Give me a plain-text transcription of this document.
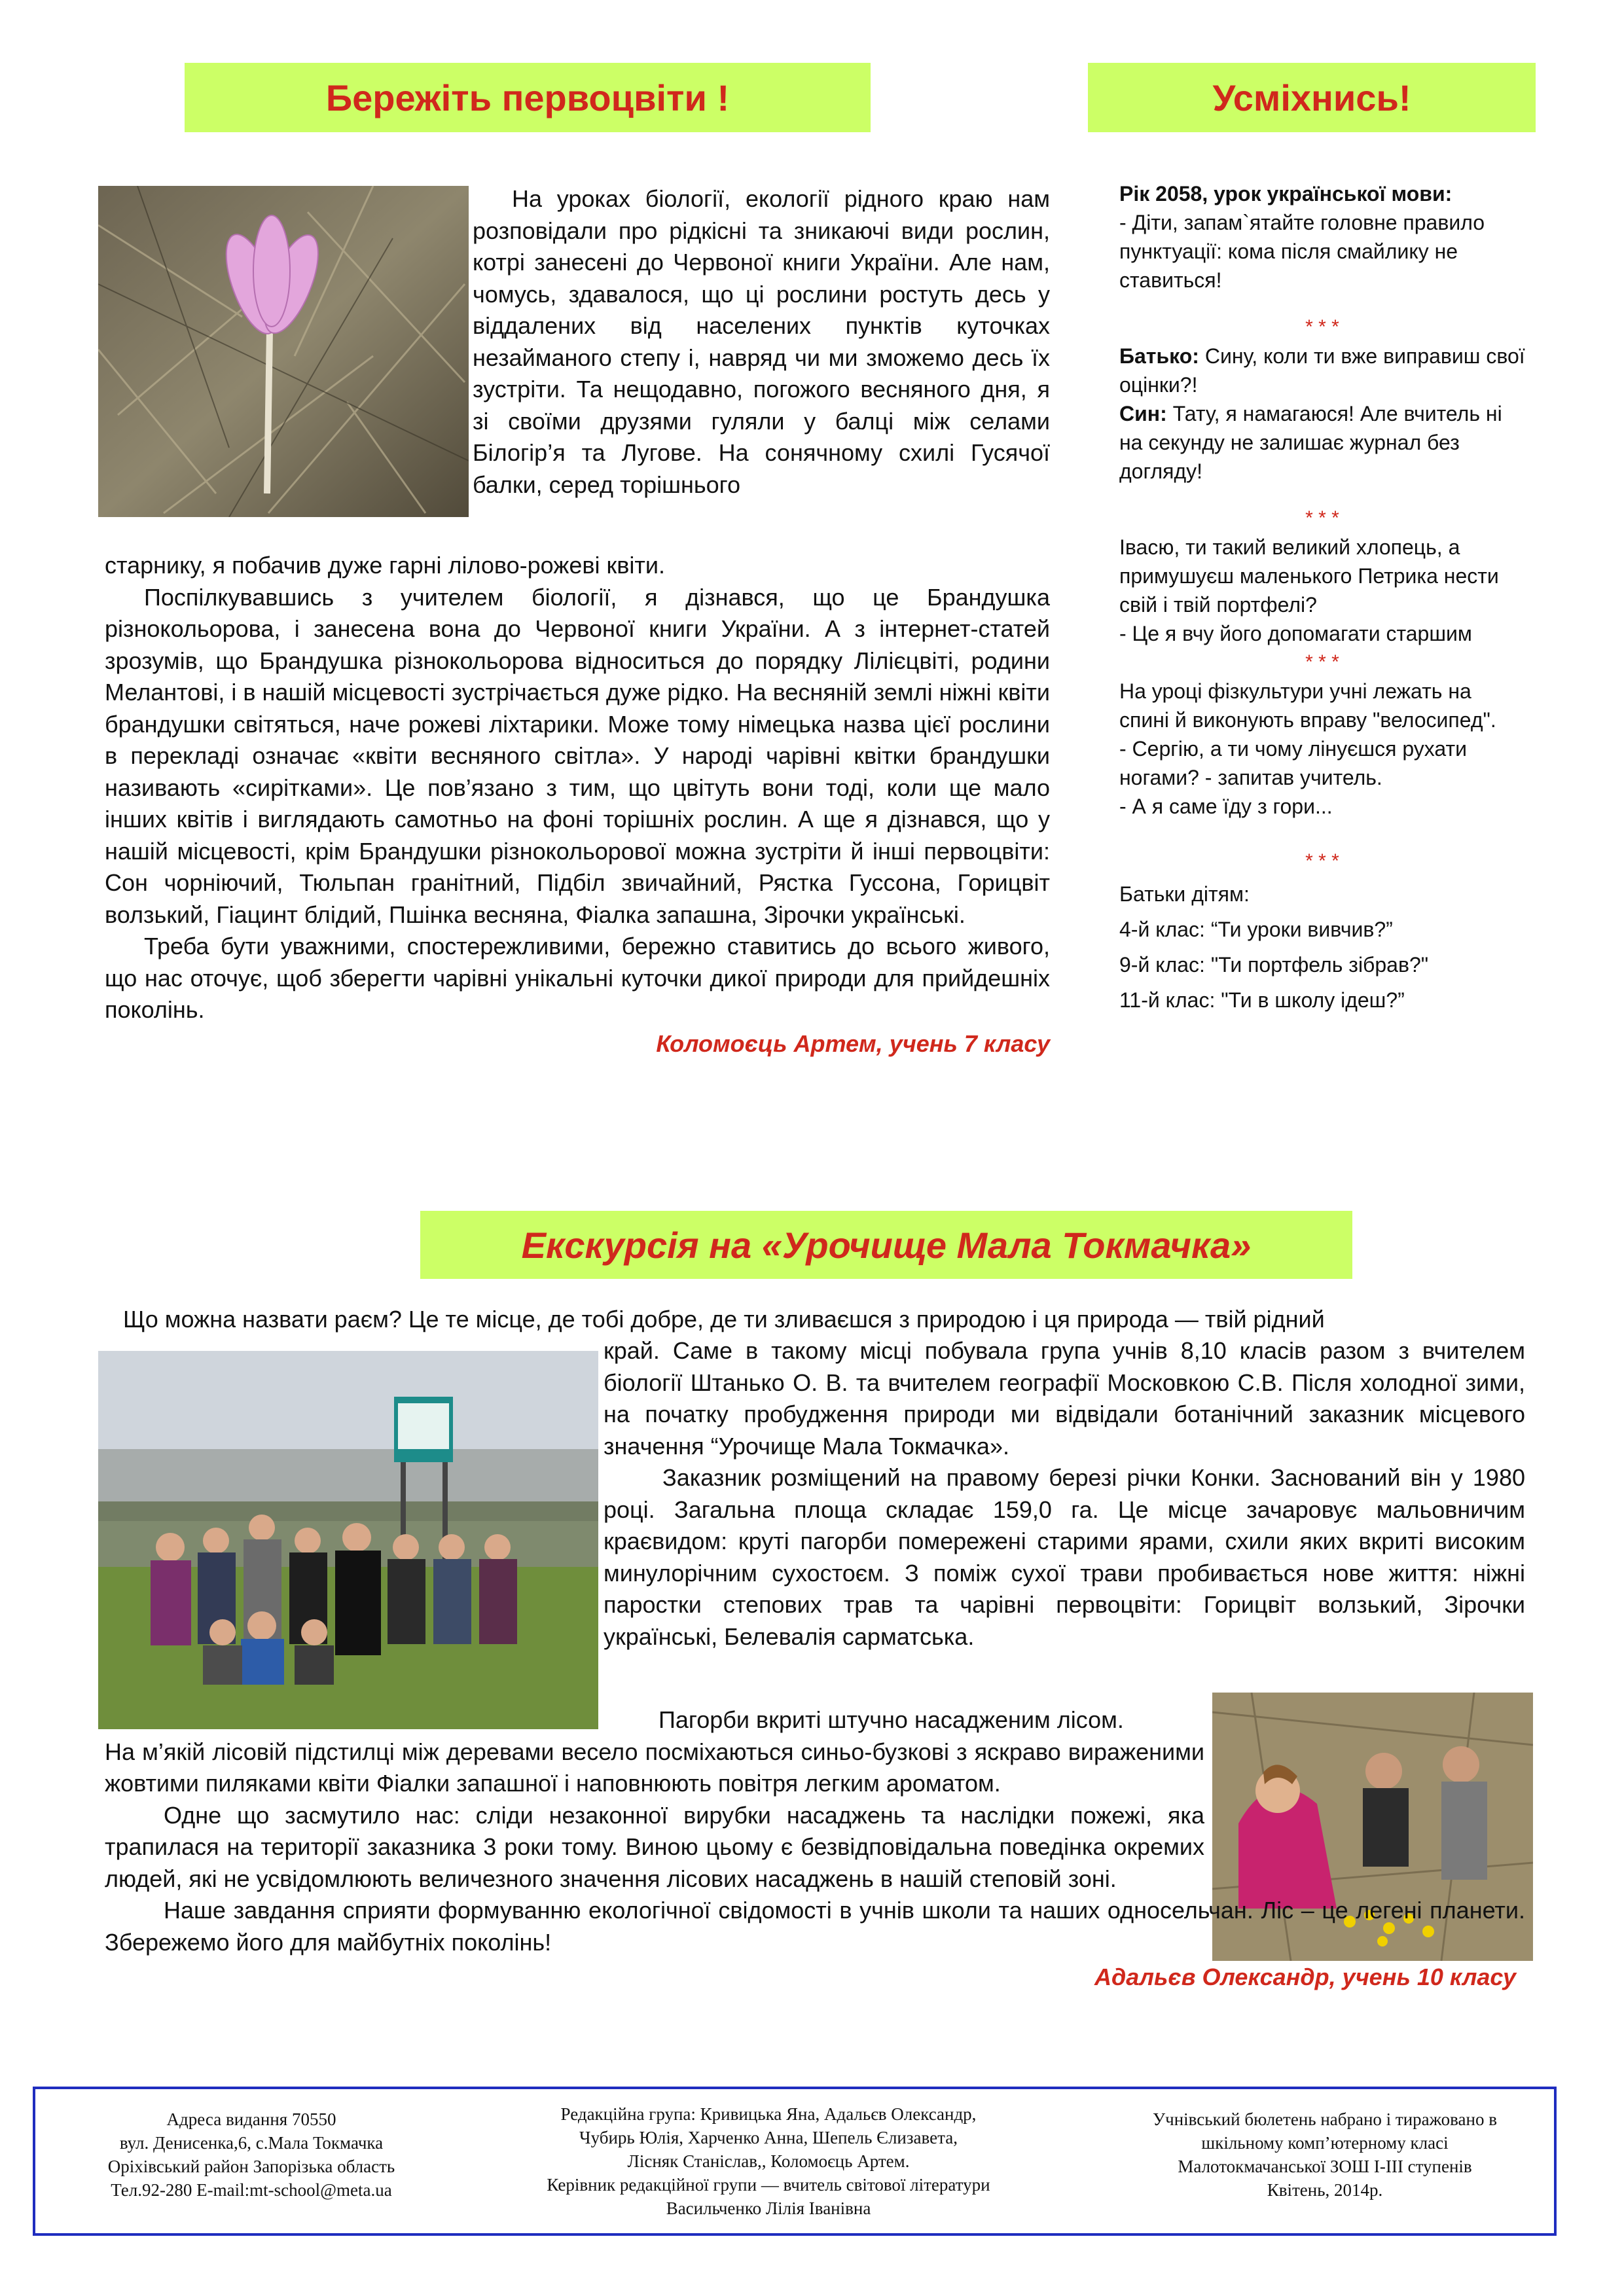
Бережіть первоцвіти !

На уроках біології, екології рідного краю нам розповідали про рідкісні та зникаючі види рослин, котрі занесені до Червоної книги України. Але нам, чомусь, здавалося, що ці рослини ростуть десь у віддалених від населених пунктів куточках незайманого степу і, навряд чи ми зможемо десь їх зустріти. Та нещодавно, погожого весняного дня, я зі своїми друзями гуляли у балці між селами Білогір’я та Лугове. На сонячному схилі Гусячої балки, серед торішнього

старнику, я побачив дуже гарні лілово-рожеві квіти.

Поспілкувавшись з учителем біології, я дізнався, що це Брандушка різнокольорова, і занесена вона до Червоної книги України. А з інтернет-статей зрозумів, що Брандушка різнокольорова відноситься до порядку Лілієцвіті, родини Мелантові, і в нашій місцевості зустрічається дуже рідко. На весняній землі ніжні квіти брандушки світяться, наче рожеві ліхтарики. Може тому німецька назва цієї рослини в перекладі означає «квіти весняного світла». У народі чарівні квітки брандушки називають «сирітками». Це пов’язано з тим, що цвітуть вони тоді, коли ще мало інших квітів і виглядають самотньо на фоні торішніх рослин. А ще я дізнався, що у нашій місцевості, крім Брандушки різнокольорової можна зустріти й інші первоцвіти: Сон чорніючий, Тюльпан гранітний, Підбіл звичайний, Рястка Гуссона, Горицвіт волзький, Гіацинт блідий, Пшінка весняна, Фіалка запашна, Зірочки українські.

Треба бути уважними, спостережливими, бережно ставитись до всього живого, що нас оточує, щоб зберегти чарівні унікальні куточки дикої природи для прийдешніх поколінь.

Коломоєць Артем, учень 7 класу
Усміхнись!

Рік 2058, урок української мови:

- Діти, запам`ятайте головне правило пунктуації: кома після смайлику не ставиться!

* * *

Батько: Сину, коли ти вже виправиш свої оцінки?!

Син: Тату, я намагаюся! Але вчитель ні на секунду не залишає журнал без догляду!

* * *

Івасю, ти такий великий хлопець, а примушуєш маленького Петрика нести свій і твій портфелі?

- Це я вчу його допомагати старшим

* * *

На уроці фізкультури учні лежать на спині й виконують вправу "велосипед".

- Сергію, а ти чому лінуєшся рухати ногами? - запитав учитель.

- А я саме їду з гори...

* * *

Батьки дітям:

4-й клас: “Ти уроки вивчив?”

9-й клас: "Ти портфель зібрав?"

11-й клас: "Ти в школу ідеш?”

Екскурсія на «Урочище Мала Токмачка»

Що можна назвати раєм? Це те місце, де тобі добре, де ти зливаєшся з природою і ця природа — твій рідний

край. Саме в такому місці побувала група учнів 8,10 класів разом з вчителем біології Штанько О. В. та вчителем географії Московкою С.В. Після холодної зими, на початку пробудження природи ми відвідали ботанічний заказник місцевого значення “Урочище Мала Токмачка».

Заказник розміщений на правому березі річки Конки. Заснований він у 1980 році. Загальна площа складає 159,0 га. Це місце зачаровує мальовничим краєвидом: круті пагорби помережені старими ярами, схили яких вкриті високим минулорічним сухостоєм. З поміж сухої трави пробивається нове життя: ніжні паростки степових трав та чарівні первоцвіти: Горицвіт волзький, Зірочки українські, Белевалія сарматська.

Пагорби вкриті штучно насадженим лісом.

На м’якій лісовій підстилці між деревами весело посміхаються синьо-бузкові з яскраво вираженими жовтими пиляками квіти Фіалки запашної і наповнюють повітря легким ароматом.

Одне що засмутило нас: сліди незаконної вирубки насаджень та наслідки пожежі, яка трапилася на території заказника 3 роки тому. Виною цьому є безвідповідальна поведінка окремих людей, які не усвідомлюють величезного значення лісових насаджень в нашій степовій зоні.

Наше завдання сприяти формуванню екологічної свідомості в учнів школи та наших односельчан. Ліс – це легені планети. Збережемо його для майбутніх поколінь!

Адальєв Олександр, учень 10 класу
Адреса видання 70550
вул. Денисенка,6, с.Мала Токмачка
Оріхівський район Запорізька область
Тел.92-280 E-mail:mt-school@meta.ua
Редакційна група: Кривицька Яна, Адальєв Олександр,
Чубирь Юлія, Харченко Анна, Шепель Єлизавета,
Лісняк Станіслав,, Коломоєць Артем.
Керівник редакційної групи — вчитель світової літератури
Васильченко Лілія Іванівна
Учнівський бюлетень набрано і тиражовано в
шкільному комп’ютерному класі
Малотокмачанської ЗОШ І-ІІІ ступенів
Квітень, 2014р.
